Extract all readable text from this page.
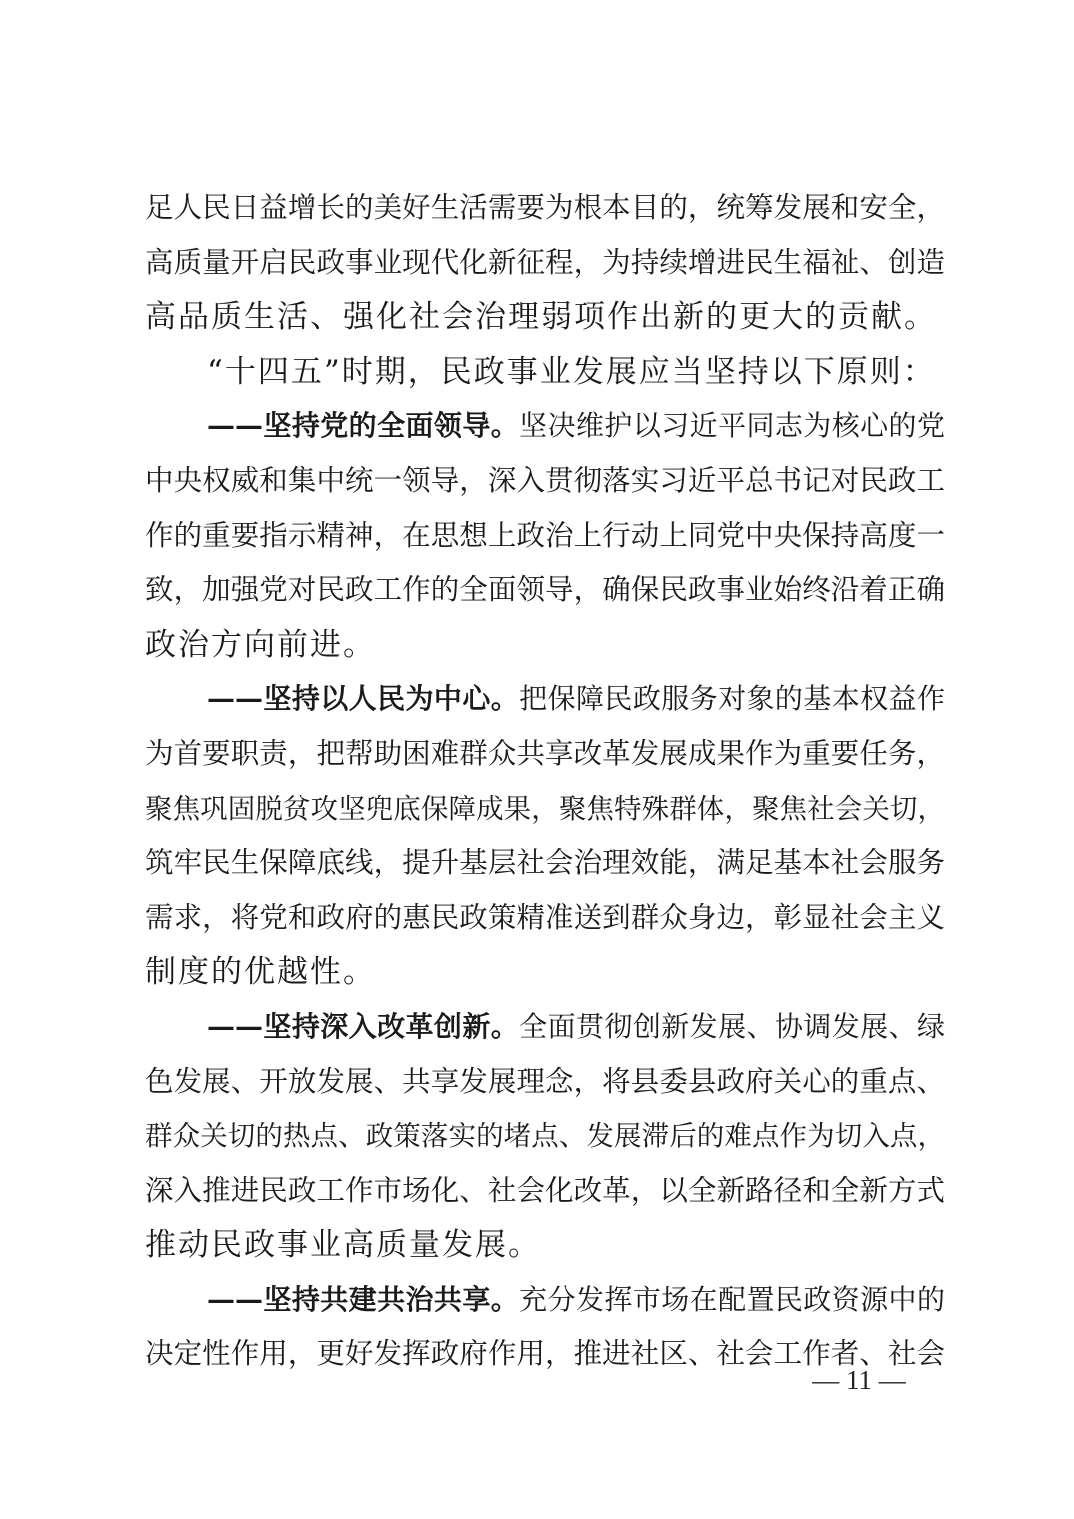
足人民日益增长的美好生活需要为根本目的，统筹发展和安全，
高质量开启民政事业现代化新征程，为持续增进民生福祉、创造
高品质生活、强化社会治理弱项作出新的更大的贡献。
“十四五”时期，民政事业发展应当坚持以下原则：
——坚持党的全面领导。坚决维护以习近平同志为核心的党
中央权威和集中统一领导，深入贯彻落实习近平总书记对民政工
作的重要指示精神，在思想上政治上行动上同党中央保持高度一
致，加强党对民政工作的全面领导，确保民政事业始终沿着正确
政治方向前进。
——坚持以人民为中心。把保障民政服务对象的基本权益作
为首要职责，把帮助困难群众共享改革发展成果作为重要任务，
聚焦巩固脱贫攻坚兜底保障成果，聚焦特殊群体，聚焦社会关切，
筑牢民生保障底线，提升基层社会治理效能，满足基本社会服务
需求，将党和政府的惠民政策精准送到群众身边，彰显社会主义
制度的优越性。
——坚持深入改革创新。全面贯彻创新发展、协调发展、绿
色发展、开放发展、共享发展理念，将县委县政府关心的重点、
群众关切的热点、政策落实的堵点、发展滞后的难点作为切入点，
深入推进民政工作市场化、社会化改革，以全新路径和全新方式
推动民政事业高质量发展。
——坚持共建共治共享。充分发挥市场在配置民政资源中的
决定性作用，更好发挥政府作用，推进社区、社会工作者、社会
— 11 —
